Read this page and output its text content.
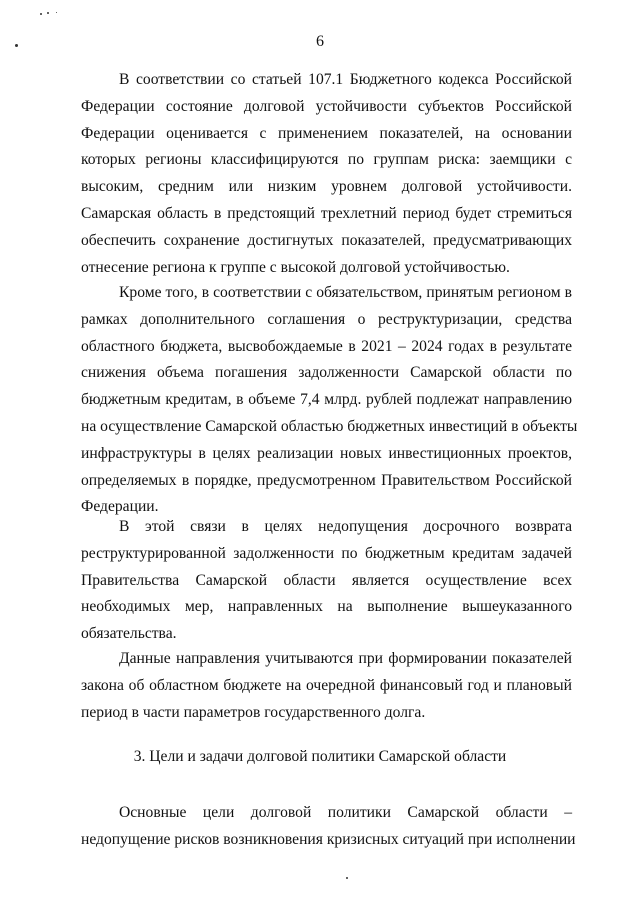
6
В соответствии со статьей 107.1 Бюджетного кодекса Российской
Федерации состояние долговой устойчивости субъектов Российской
Федерации оценивается с применением показателей, на основании
которых регионы классифицируются по группам риска: заемщики с
высоким, средним или низким уровнем долговой устойчивости.
Самарская область в предстоящий трехлетний период будет стремиться
обеспечить сохранение достигнутых показателей, предусматривающих
отнесение региона к группе с высокой долговой устойчивостью.
Кроме того, в соответствии с обязательством, принятым регионом в
рамках дополнительного соглашения о реструктуризации, средства
областного бюджета, высвобождаемые в 2021 – 2024 годах в результате
снижения объема погашения задолженности Самарской области по
бюджетным кредитам, в объеме 7,4 млрд. рублей подлежат направлению
на осуществление Самарской областью бюджетных инвестиций в объекты
инфраструктуры в целях реализации новых инвестиционных проектов,
определяемых в порядке, предусмотренном Правительством Российской
Федерации.
В этой связи в целях недопущения досрочного возврата
реструктурированной задолженности по бюджетным кредитам задачей
Правительства Самарской области является осуществление всех
необходимых мер, направленных на выполнение вышеуказанного
обязательства.
Данные направления учитываются при формировании показателей
закона об областном бюджете на очередной финансовый год и плановый
период в части параметров государственного долга.
3. Цели и задачи долговой политики Самарской области
Основные цели долговой политики Самарской области –
недопущение рисков возникновения кризисных ситуаций при исполнении
